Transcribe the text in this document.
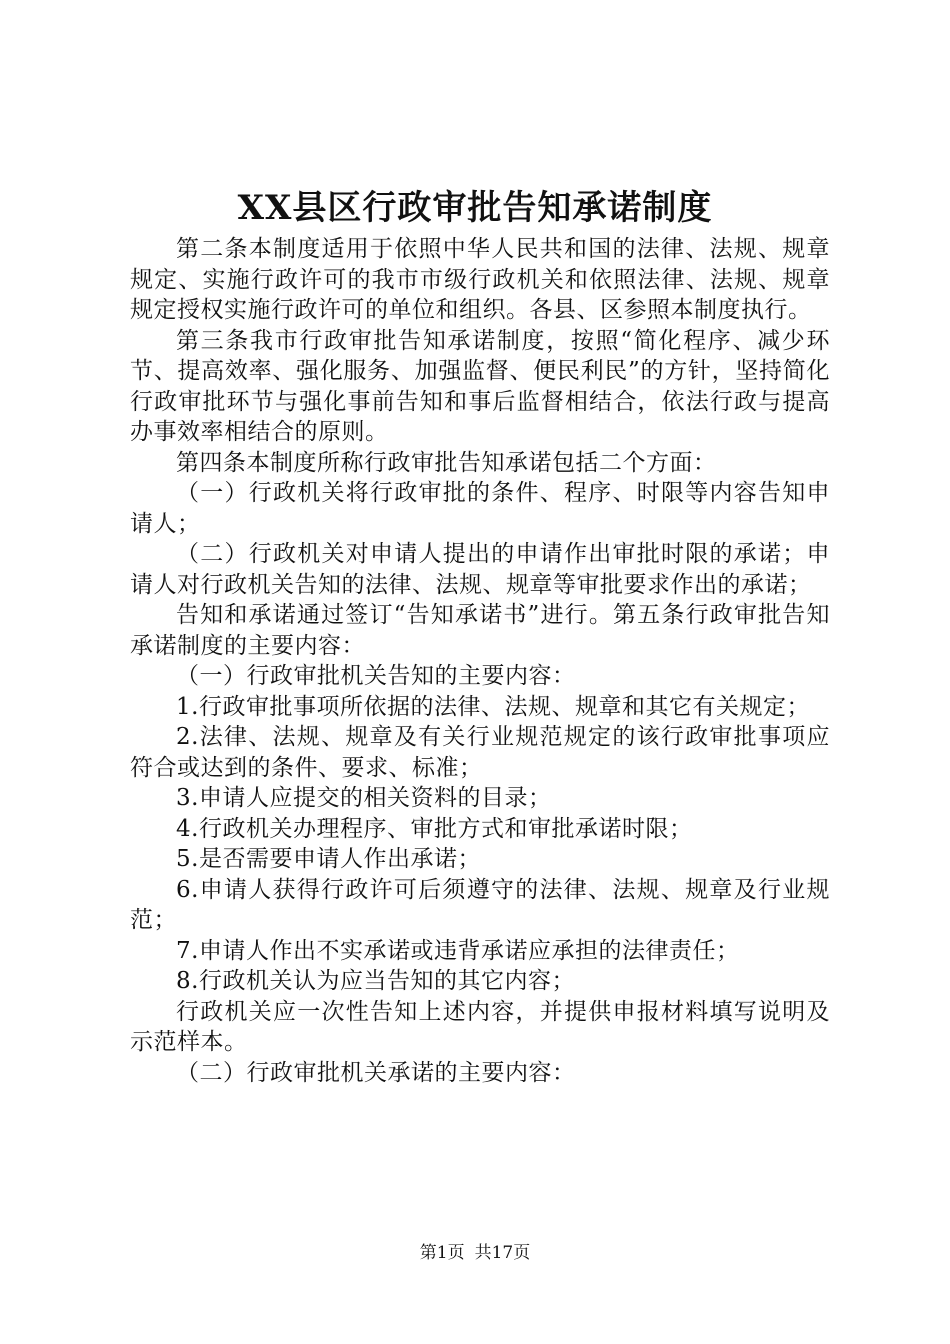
XX县区行政审批告知承诺制度

第二条本制度适用于依照中华人民共和国的法律、法规、规章规定、实施行政许可的我市市级行政机关和依照法律、法规、规章规定授权实施行政许可的单位和组织。各县、区参照本制度执行。

第三条我市行政审批告知承诺制度，按照“简化程序、减少环节、提高效率、强化服务、加强监督、便民利民”的方针，坚持简化行政审批环节与强化事前告知和事后监督相结合，依法行政与提高办事效率相结合的原则。

第四条本制度所称行政审批告知承诺包括二个方面：

（一）行政机关将行政审批的条件、程序、时限等内容告知申请人；

（二）行政机关对申请人提出的申请作出审批时限的承诺；申请人对行政机关告知的法律、法规、规章等审批要求作出的承诺；

告知和承诺通过签订“告知承诺书”进行。第五条行政审批告知承诺制度的主要内容：

（一）行政审批机关告知的主要内容：

1.行政审批事项所依据的法律、法规、规章和其它有关规定；

2.法律、法规、规章及有关行业规范规定的该行政审批事项应符合或达到的条件、要求、标准；

3.申请人应提交的相关资料的目录；

4.行政机关办理程序、审批方式和审批承诺时限；

5.是否需要申请人作出承诺；

6.申请人获得行政许可后须遵守的法律、法规、规章及行业规范；

7.申请人作出不实承诺或违背承诺应承担的法律责任；

8.行政机关认为应当告知的其它内容；

行政机关应一次性告知上述内容，并提供申报材料填写说明及示范样本。

（二）行政审批机关承诺的主要内容：

第1页 共17页
